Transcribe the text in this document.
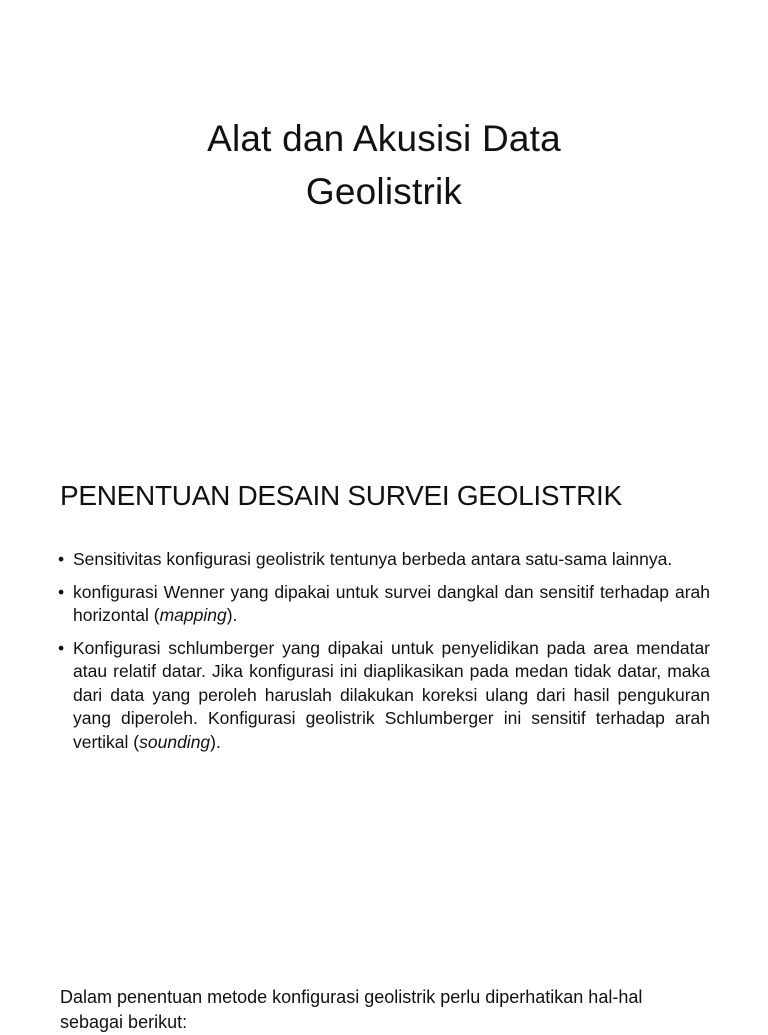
Alat dan Akusisi Data
Geolistrik
PENENTUAN DESAIN SURVEI GEOLISTRIK
• Sensitivitas konfigurasi geolistrik tentunya berbeda antara satu-sama lainnya.
• konfigurasi Wenner yang dipakai untuk survei dangkal dan sensitif terhadap arah horizontal (mapping).
• Konfigurasi schlumberger yang dipakai untuk penyelidikan pada area mendatar atau relatif datar. Jika konfigurasi ini diaplikasikan pada medan tidak datar, maka dari data yang peroleh haruslah dilakukan koreksi ulang dari hasil pengukuran yang diperoleh. Konfigurasi geolistrik Schlumberger ini sensitif terhadap arah vertikal (sounding).

Dalam penentuan metode konfigurasi geolistrik perlu diperhatikan hal-hal sebagai berikut:
